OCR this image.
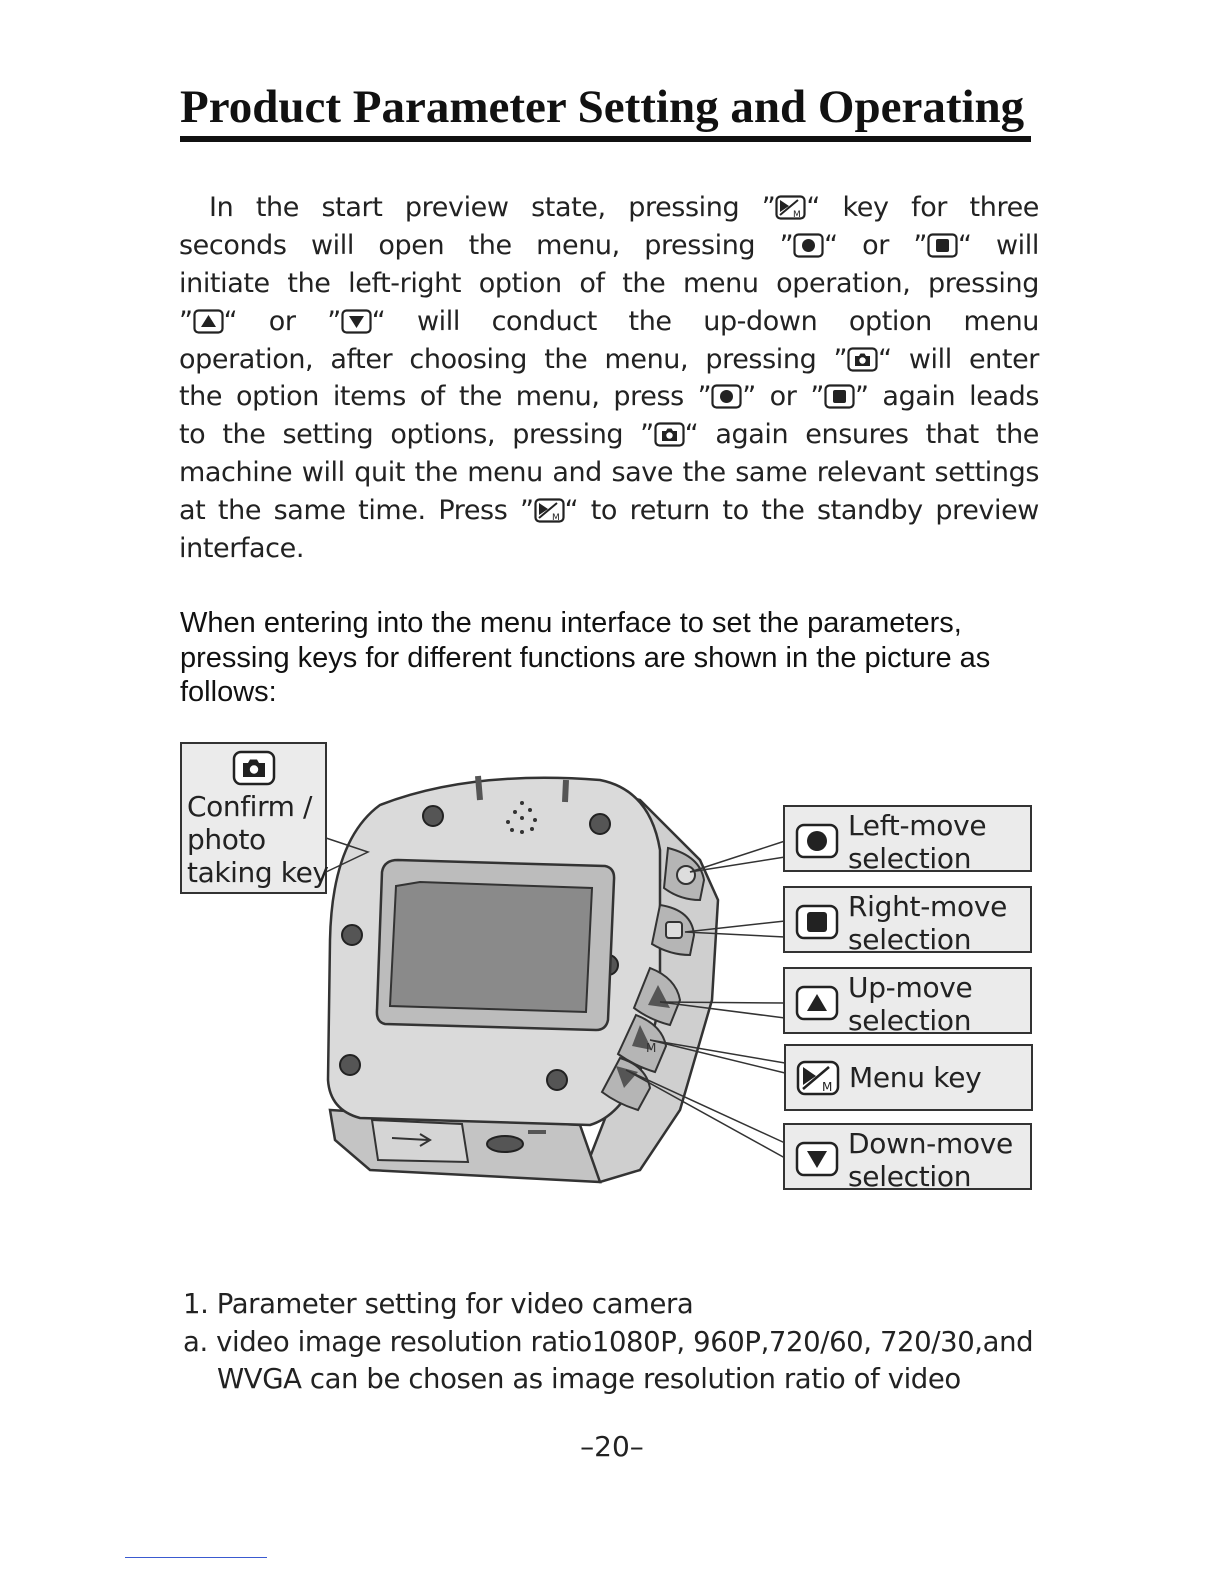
Product Parameter Setting and Operating

In the start preview state, pressing ” M “ key for three

seconds will open the menu, pressing ” “ or ” “ will

initiate the left-right option of the menu operation, pressing

” “ or ” “ will conduct the up-down option menu

operation, after choosing the menu, pressing ” “ will enter

the option items of the menu, press ” ” or ” ” again leads

to the setting options, pressing ” “ again ensures that the

machine will quit the menu and save the same relevant settings

at the same time. Press ” M “ to return to the standby preview

interface.

When entering into the menu interface to set the parameters, pressing keys for different functions are shown in the picture as follows:

M
Confirm /
photo
taking key
Left-move
selection
Right-move
selection
Up-move
selection
M Menu key
Down-move
selection

1. Parameter setting for video camera

a. video image resolution ratio1080P, 960P,720/60, 720/30,and

WVGA can be chosen as image resolution ratio of video

–20–
